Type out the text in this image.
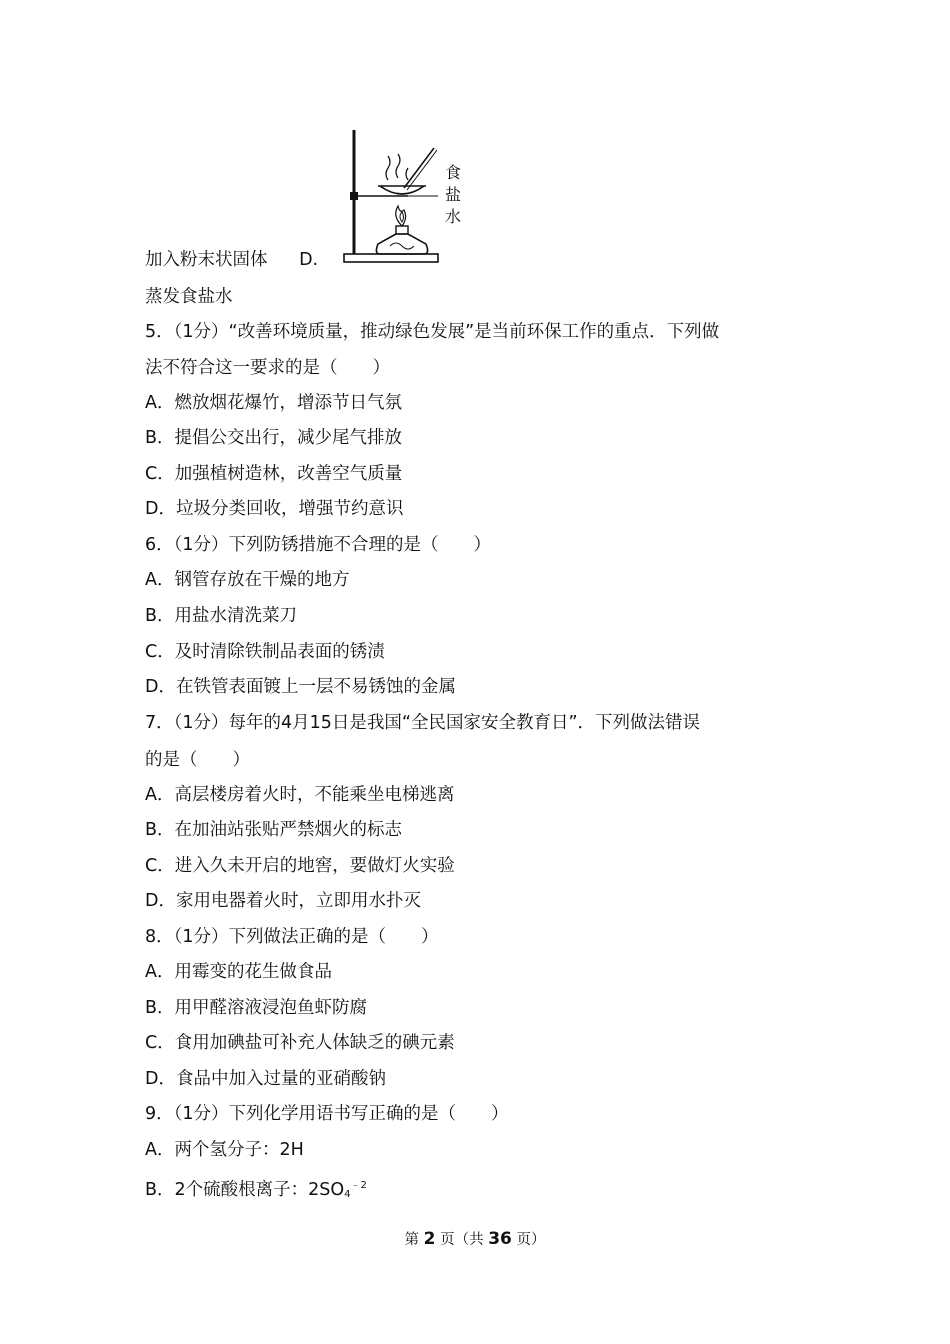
食
盐
水
加入粉末状固体 D.
蒸发食盐水
5．（1分）“改善环境质量，推动绿色发展”是当前环保工作的重点．下列做
法不符合这一要求的是（　　）
A．燃放烟花爆竹，增添节日气氛
B．提倡公交出行，减少尾气排放
C．加强植树造林，改善空气质量
D．垃圾分类回收，增强节约意识
6．（1分）下列防锈措施不合理的是（　　）
A．钢管存放在干燥的地方
B．用盐水清洗菜刀
C．及时清除铁制品表面的锈渍
D．在铁管表面镀上一层不易锈蚀的金属
7．（1分）每年的4月15日是我国“全民国家安全教育日”．下列做法错误
的是（　　）
A．高层楼房着火时，不能乘坐电梯逃离
B．在加油站张贴严禁烟火的标志
C．进入久未开启的地窖，要做灯火实验
D．家用电器着火时，立即用水扑灭
8．（1分）下列做法正确的是（　　）
A．用霉变的花生做食品
B．用甲醛溶液浸泡鱼虾防腐
C．食用加碘盐可补充人体缺乏的碘元素
D．食品中加入过量的亚硝酸钠
9．（1分）下列化学用语书写正确的是（　　）
A．两个氢分子：2H
B．2个硫酸根离子：$2SO_4^{﹣2}$
第 2 页（共 36 页）
